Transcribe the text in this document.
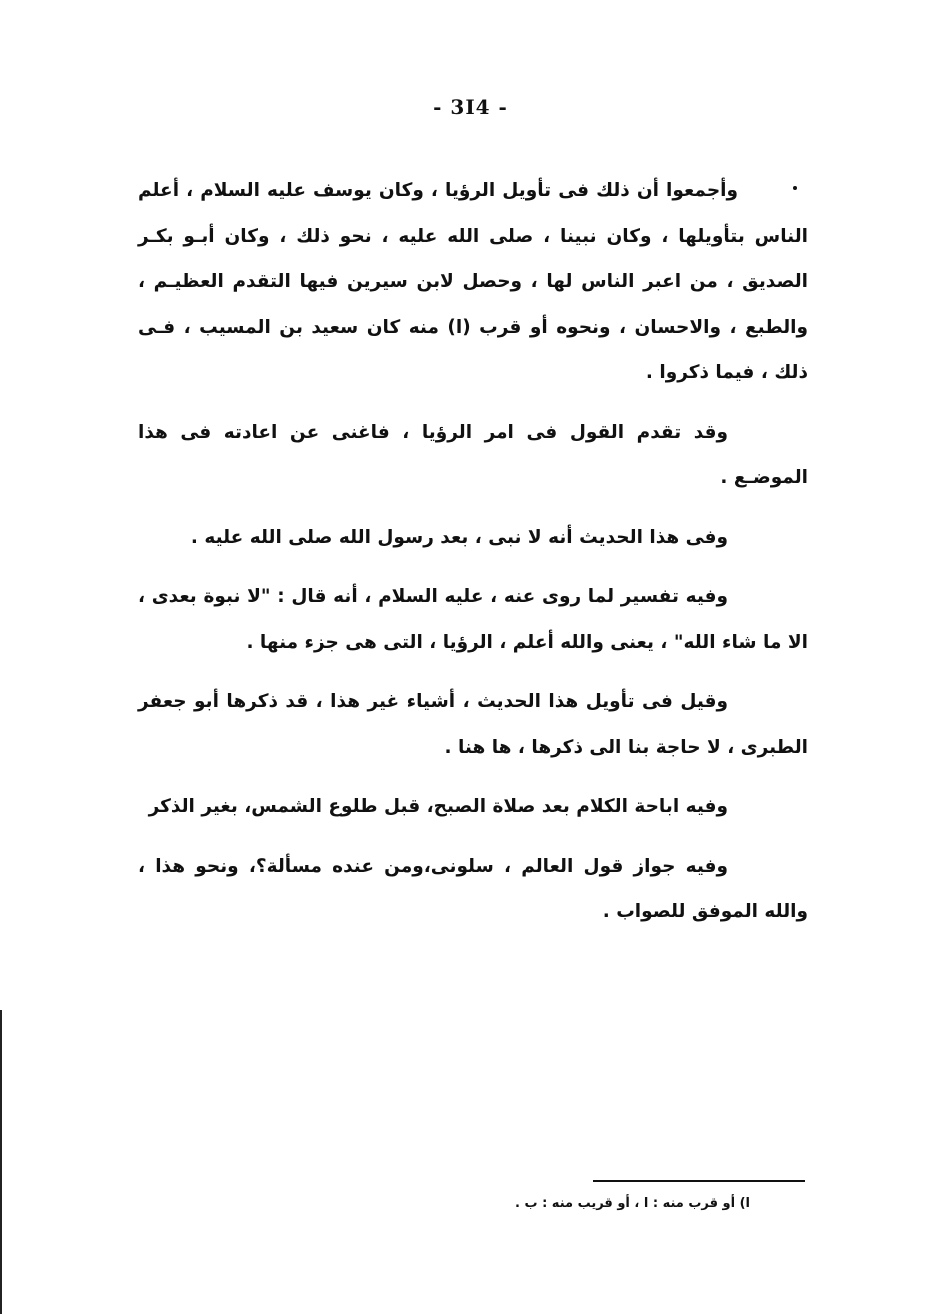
- 3I4 -

وأجمعوا أن ذلك فى تأويل الرؤيا ، وكان يوسف عليه السلام ، أعلم الناس بتأويلها ، وكان نبينا ، صلى الله عليه ، نحو ذلك ، وكان أبـو بكـر الصديق ، من اعبر الناس لها ، وحصل لابن سيرين فيها التقدم العظيـم ، والطبع ، والاحسان ، ونحوه أو قرب (ا) منه كان سعيد بن المسيب ، فـى ذلك ، فيما ذكروا .

وقد تقدم القول فى امر الرؤيا ، فاغنى عن اعادته فى هذا الموضـع .

وفى هذا الحديث أنه لا نبى ، بعد رسول الله صلى الله عليه .

وفيه تفسير لما روى عنه ، عليه السلام ، أنه قال : "لا نبوة بعدى ، الا ما شاء الله" ، يعنى والله أعلم ، الرؤيا ، التى هى جزء منها .

وقيل فى تأويل هذا الحديث ، أشياء غير هذا ، قد ذكرها أبو جعفر الطبرى ، لا حاجة بنا الى ذكرها ، ها هنا .

وفيه اباحة الكلام بعد صلاة الصبح، قبل طلوع الشمس، بغير الذكر

وفيه جواز قول العالم ، سلونى،ومن عنده مسألة؟، ونحو هذا ، والله الموفق للصواب .

ا) أو قرب منه : ا ، أو قريب منه : ب .
